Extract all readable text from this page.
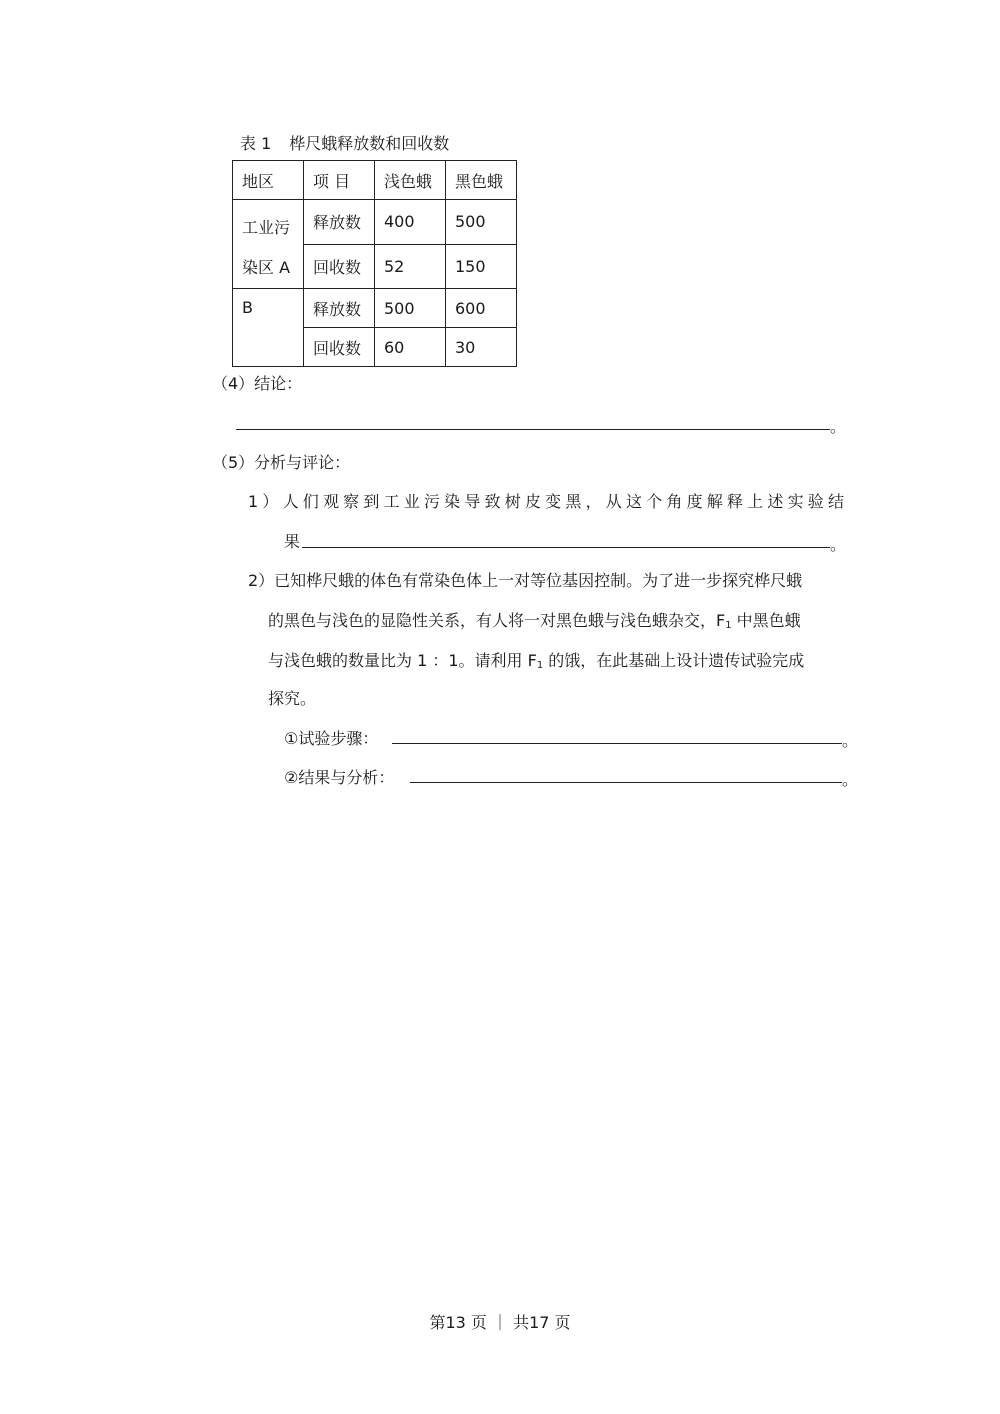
表 1 桦尺蛾释放数和回收数
地区	项 目	浅色蛾	黑色蛾
工业污
染区 A	释放数	400	500
	回收数	52	150
B	释放数	500	600
	回收数	60	30
（4）结论：
。
（5）分析与评论：
1）人们观察到工业污染导致树皮变黑，从这个角度解释上述实验结
果	。
2）已知桦尺蛾的体色有常染色体上一对等位基因控制。为了进一步探究桦尺蛾
的黑色与浅色的显隐性关系，有人将一对黑色蛾与浅色蛾杂交，$F_1$ 中黑色蛾
与浅色蛾的数量比为 1 ：1。请利用 $F_1$ 的饿，在此基础上设计遗传试验完成
探究。
①试验步骤：	。
②结果与分析：	。
第13 页 ｜ 共17 页
